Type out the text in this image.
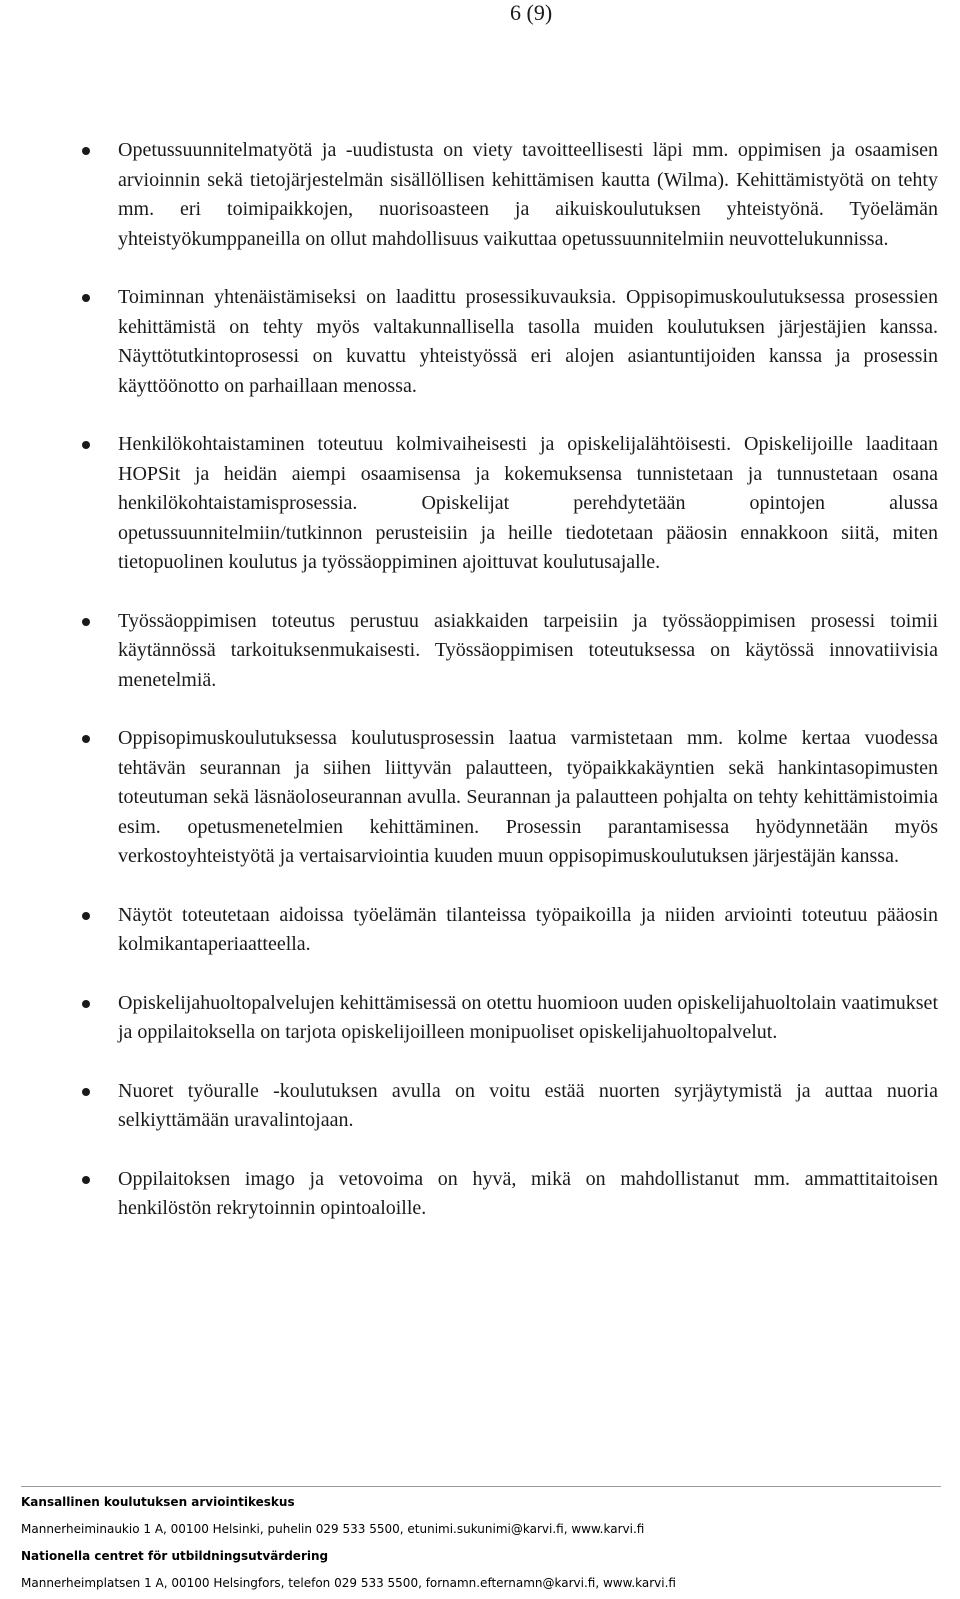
6 (9)
Opetussuunnitelmatyötä ja -uudistusta on viety tavoitteellisesti läpi mm. oppimisen ja osaamisen arvioinnin sekä tietojärjestelmän sisällöllisen kehittämisen kautta (Wilma). Kehittämistyötä on tehty mm. eri toimipaikkojen, nuorisoasteen ja aikuiskoulutuksen yhteistyönä. Työelämän yhteistyökumppaneilla on ollut mahdollisuus vaikuttaa opetussuunnitelmiin neuvottelukunnissa.
Toiminnan yhtenäistämiseksi on laadittu prosessikuvauksia. Oppisopimuskoulutuksessa prosessien kehittämistä on tehty myös valtakunnallisella tasolla muiden koulutuksen järjestäjien kanssa. Näyttötutkintoprosessi on kuvattu yhteistyössä eri alojen asiantuntijoiden kanssa ja prosessin käyttöönotto on parhaillaan menossa.
Henkilökohtaistaminen toteutuu kolmivaiheisesti ja opiskelijalähtöisesti. Opiskelijoille laaditaan HOPSit ja heidän aiempi osaamisensa ja kokemuksensa tunnistetaan ja tunnustetaan osana henkilökohtaistamisprosessia. Opiskelijat perehdytetään opintojen alussa opetussuunnitelmiin/tutkinnon perusteisiin ja heille tiedotetaan pääosin ennakkoon siitä, miten tietopuolinen koulutus ja työssäoppiminen ajoittuvat koulutusajalle.
Työssäoppimisen toteutus perustuu asiakkaiden tarpeisiin ja työssäoppimisen prosessi toimii käytännössä tarkoituksenmukaisesti. Työssäoppimisen toteutuksessa on käytössä innovatiivisia menetelmiä.
Oppisopimuskoulutuksessa koulutusprosessin laatua varmistetaan mm. kolme kertaa vuodessa tehtävän seurannan ja siihen liittyvän palautteen, työpaikkakäyntien sekä hankintasopimusten toteutuman sekä läsnäoloseurannan avulla. Seurannan ja palautteen pohjalta on tehty kehittämistoimia esim. opetusmenetelmien kehittäminen. Prosessin parantamisessa hyödynnetään myös verkostoyhteistyötä ja vertaisarviointia kuuden muun oppisopimuskoulutuksen järjestäjän kanssa.
Näytöt toteutetaan aidoissa työelämän tilanteissa työpaikoilla ja niiden arviointi toteutuu pääosin kolmikantaperiaatteella.
Opiskelijahuoltopalvelujen kehittämisessä on otettu huomioon uuden opiskelijahuoltolain vaatimukset ja oppilaitoksella on tarjota opiskelijoilleen monipuoliset opiskelijahuoltopalvelut.
Nuoret työuralle -koulutuksen avulla on voitu estää nuorten syrjäytymistä ja auttaa nuoria selkiyttämään uravalintojaan.
Oppilaitoksen imago ja vetovoima on hyvä, mikä on mahdollistanut mm. ammattitaitoisen henkilöstön rekrytoinnin opintoaloille.
Kansallinen koulutuksen arviointikeskus
Mannerheiminaukio 1 A, 00100 Helsinki, puhelin 029 533 5500, etunimi.sukunimi@karvi.fi, www.karvi.fi
Nationella centret för utbildningsutvärdering
Mannerheimplatsen 1 A, 00100 Helsingfors, telefon 029 533 5500, fornamn.efternamn@karvi.fi, www.karvi.fi
